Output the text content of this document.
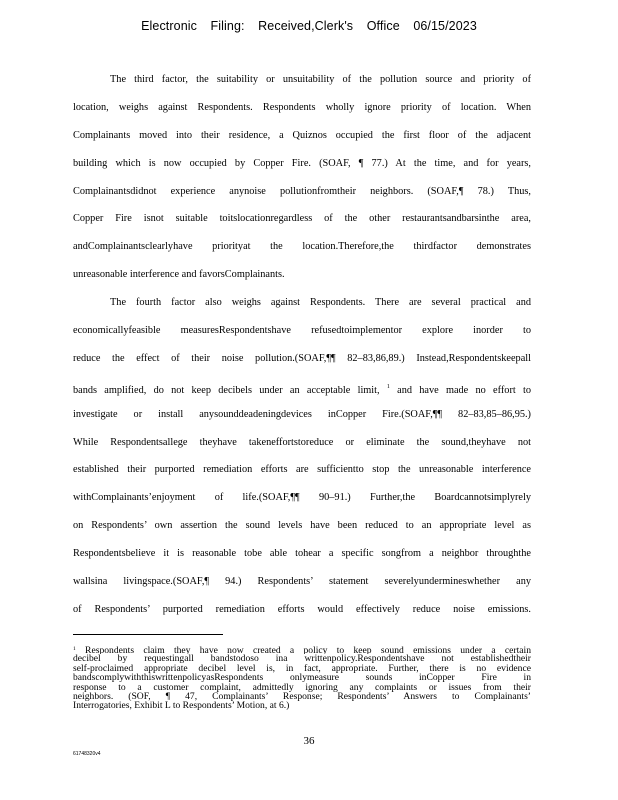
Electronic Filing: Received,Clerk's Office 06/15/2023
The third factor, the suitability or unsuitability of the pollution source and priority of
location, weighs against Respondents. Respondents wholly ignore priority of location. When
Complainants moved into their residence, a Quiznos occupied the first floor of the adjacent
building which is now occupied by Copper Fire. (SOAF, ¶ 77.) At the time, and for years,
Complainantsdidnot experience anynoise pollutionfromtheir neighbors. (SOAF,¶ 78.) Thus,
Copper Fire isnot suitable toitslocationregardless of the other restaurantsandbarsinthe area,
andComplainantsclearlyhave priorityat the location.Therefore,the thirdfactor demonstrates
unreasonable interference and favorsComplainants.
The fourth factor also weighs against Respondents. There are several practical and
economicallyfeasible measuresRespondentshave refusedtoimplementor explore inorder to
reduce the effect of their noise pollution.(SOAF,¶¶ 82–83,86,89.) Instead,Respondentskeepall
bands amplified, do not keep decibels under an acceptable limit, $^1$ and have made no effort to
investigate or install anysounddeadeningdevices inCopper Fire.(SOAF,¶¶ 82–83,85–86,95.)
While Respondentsallege theyhave takeneffortstoreduce or eliminate the sound,theyhave not
established their purported remediation efforts are sufficientto stop the unreasonable interference
withComplainants’enjoyment of life.(SOAF,¶¶ 90–91.) Further,the Boardcannotsimplyrely
on Respondents’ own assertion the sound levels have been reduced to an appropriate level as
Respondentsbelieve it is reasonable tobe able tohear a specific songfrom a neighbor throughthe
wallsina livingspace.(SOAF,¶ 94.) Respondents’ statement severelyundermineswhether any
of Respondents’ purported remediation efforts would effectively reduce noise emissions.
$^1$ Respondents claim they have now created a policy to keep sound emissions under a certain
decibel by requestingall bandstodoso ina writtenpolicy.Respondentshave not establishedtheir
self-proclaimed appropriate decibel level is, in fact, appropriate. Further, there is no evidence
bandscomplywiththiswrittenpolicyasRespondents onlymeasure sounds inCopper Fire in
response to a customer complaint, admittedly ignoring any complaints or issues from their
neighbors. (SOF, ¶ 47, Complainants’ Response; Respondents’ Answers to Complainants’
Interrogatories, Exhibit L to Respondents’ Motion, at 6.)
36
61748320v4
